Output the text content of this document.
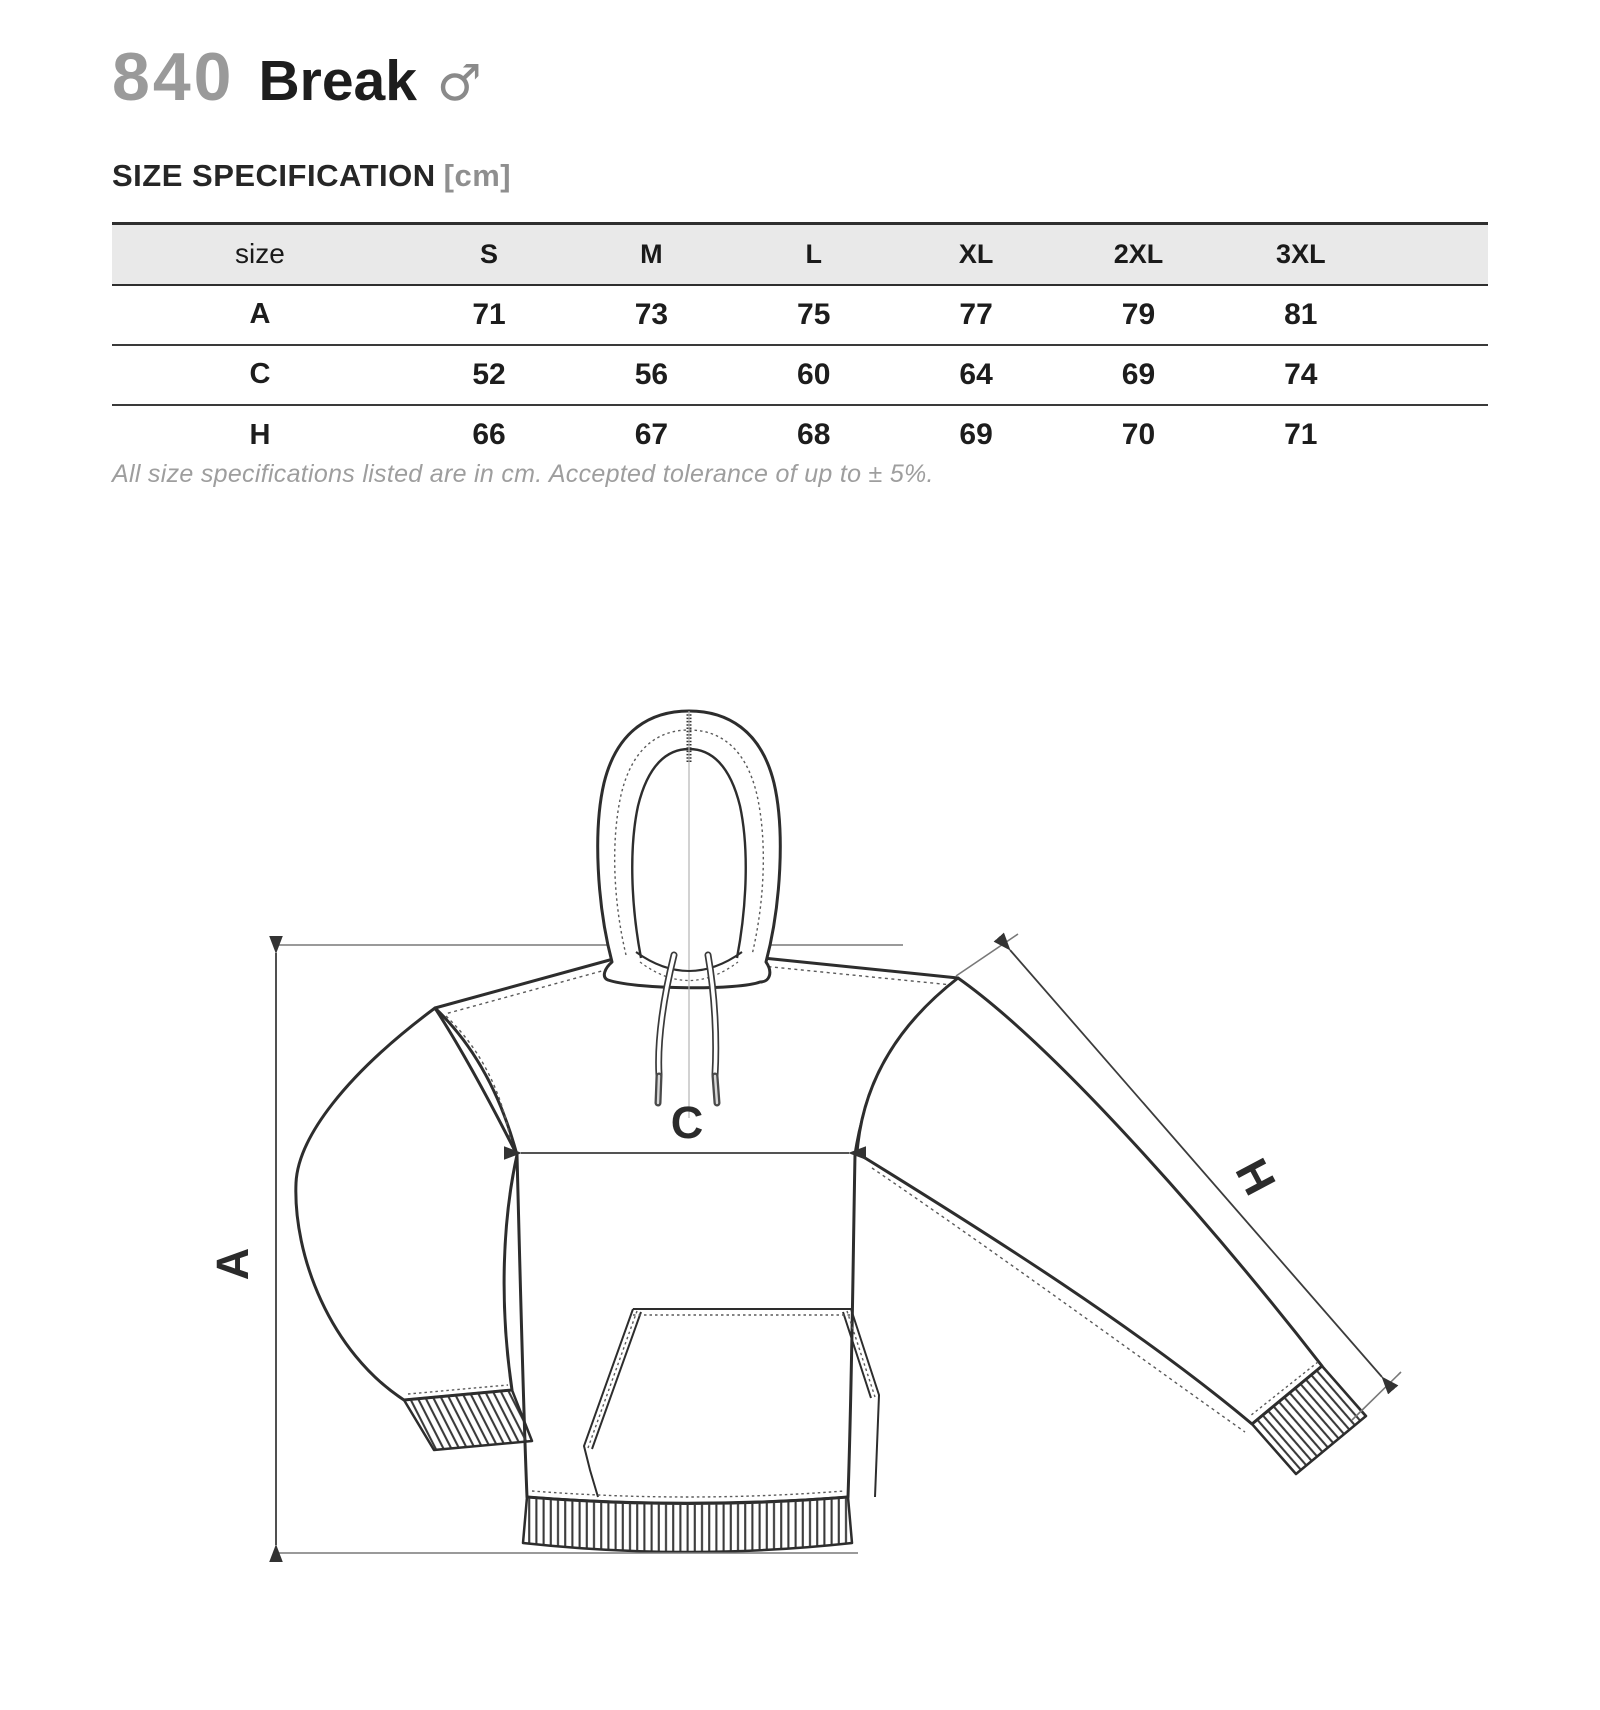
840 Break ♂
SIZE SPECIFICATION [cm]
size	S	M	L	XL	2XL	3XL	
A	71	73	75	77	79	81	
C	52	56	60	64	69	74	
H	66	67	68	69	70	71	
All size specifications listed are in cm. Accepted tolerance of up to ± 5%.
A
C
H
